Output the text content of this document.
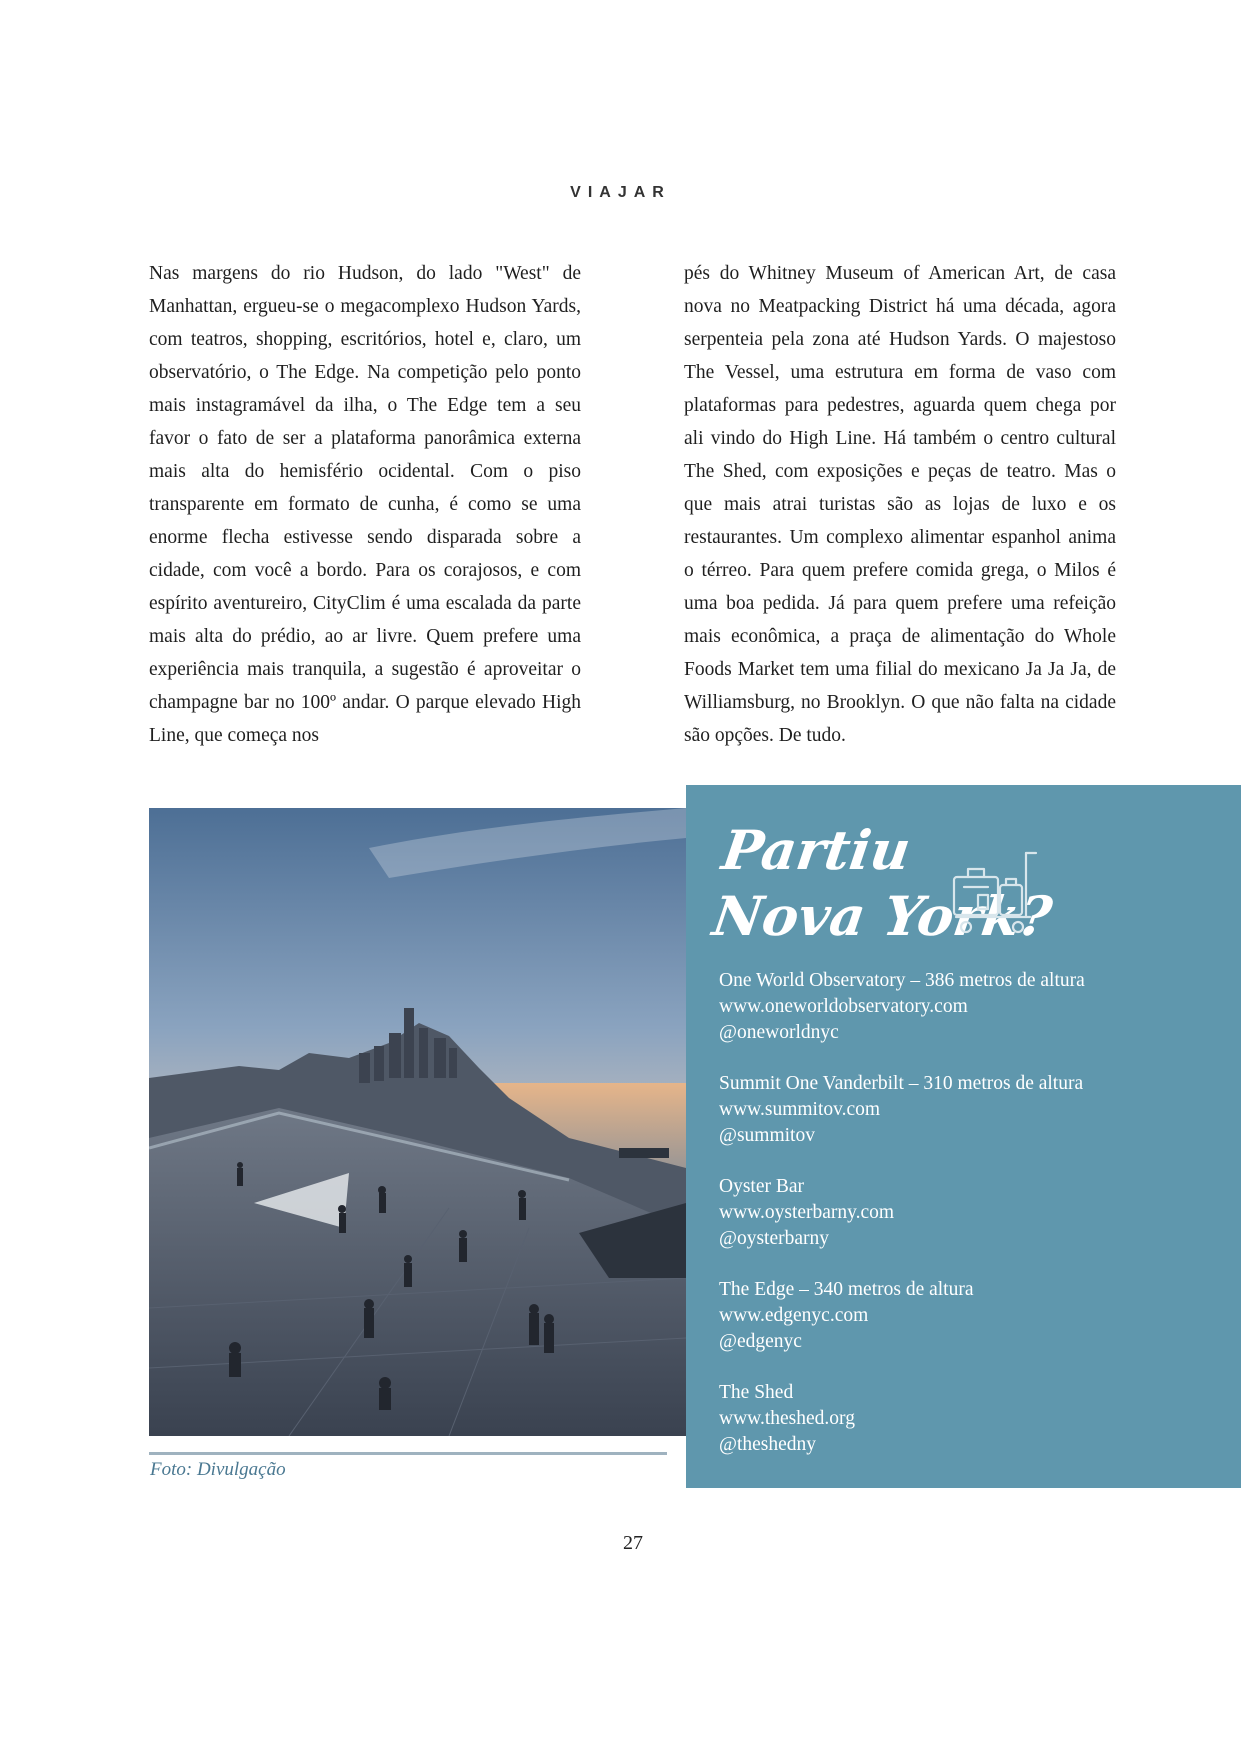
VIAJAR

Nas margens do rio Hudson, do lado "West" de Manhattan, ergueu-se o megacomplexo Hudson Yards, com teatros, shopping, escritórios, hotel e, claro, um observatório, o The Edge. Na competição pelo ponto mais instagramável da ilha, o The Edge tem a seu favor o fato de ser a plataforma panorâmica externa mais alta do hemisfério ocidental. Com o piso transparente em formato de cunha, é como se uma enorme flecha estivesse sendo disparada sobre a cidade, com você a bordo. Para os corajosos, e com espírito aventureiro, CityClim é uma escalada da parte mais alta do prédio, ao ar livre. Quem prefere uma experiência mais tranquila, a sugestão é aproveitar o champagne bar no 100º andar. O parque elevado High Line, que começa nos

pés do Whitney Museum of American Art, de casa nova no Meatpacking District há uma década, agora serpenteia pela zona até Hudson Yards. O majestoso The Vessel, uma estrutura em forma de vaso com plataformas para pedestres, aguarda quem chega por ali vindo do High Line. Há também o centro cultural The Shed, com exposições e peças de teatro. Mas o que mais atrai turistas são as lojas de luxo e os restaurantes. Um complexo alimentar espanhol anima o térreo. Para quem prefere comida grega, o Milos é uma boa pedida. Já para quem prefere uma refeição mais econômica, a praça de alimentação do Whole Foods Market tem uma filial do mexicano Ja Ja Ja, de Williamsburg, no Brooklyn. O que não falta na cidade são opções. De tudo.

Foto: Divulgação
Partiu
Nova York?
One World Observatory – 386 metros de altura
www.oneworldobservatory.com
@oneworldnyc
Summit One Vanderbilt – 310 metros de altura
www.summitov.com
@summitov
Oyster Bar
www.oysterbarny.com
@oysterbarny
The Edge – 340 metros de altura
www.edgenyc.com
@edgenyc
The Shed
www.theshed.org
@theshedny
27
